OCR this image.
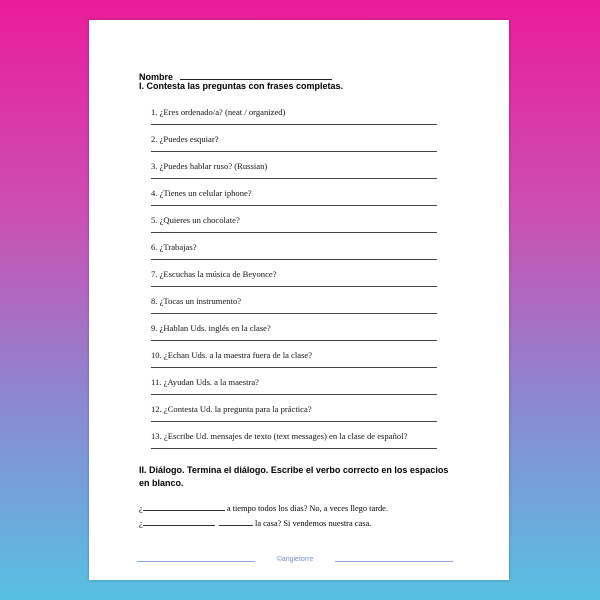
Nombre
I. Contesta las preguntas con frases completas.
1. ¿Eres ordenado/a? (neat / organized)
2. ¿Puedes esquiar?
3. ¿Puedes hablar ruso? (Russian)
4. ¿Tienes un celular iphone?
5. ¿Quieres un chocolate?
6. ¿Trabajas?
7. ¿Escuchas la música de Beyonce?
8. ¿Tocas un instrumento?
9. ¿Hablan Uds. inglés en la clase?
10. ¿Echan Uds. a la maestra fuera de la clase?
11. ¿Ayudan Uds. a la maestra?
12. ¿Contesta Ud. la pregunta para la práctica?
13. ¿Escribe Ud. mensajes de texto (text messages) en la clase de español?
II. Diálogo. Termina el diálogo. Escribe el verbo correcto en los espacios en blanco.
¿	a tiempo todos los días? No, a veces llego tarde.
¿	la casa? Si vendemos nuestra casa.
©angietorre
